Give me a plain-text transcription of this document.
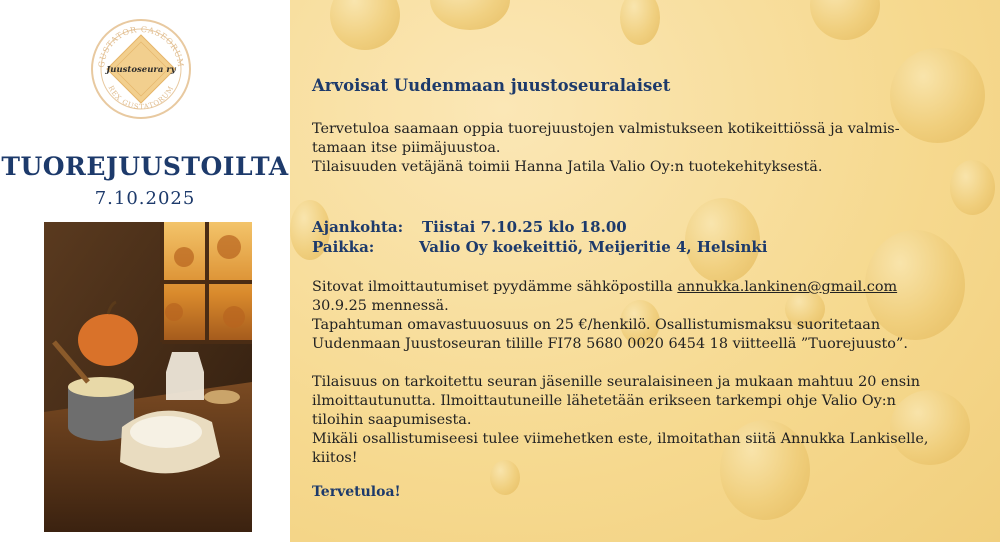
GUSTATOR CASEORUM
REX GUSTATORUM
Juustoseura ry
TUOREJUUSTOILTA
7.10.2025
Arvoisat Uudenmaan juustoseuralaiset
Tervetuloa saamaan oppia tuorejuustojen valmistukseen kotikeittiössä ja valmis-
tamaan itse piimäjuustoa.
Tilaisuuden vetäjänä toimii Hanna Jatila Valio Oy:n tuotekehityksestä.
Ajankohta: Tiistai 7.10.25 klo 18.00
Paikka:	Valio Oy koekeittiö, Meijeritie 4, Helsinki
Sitovat ilmoittautumiset pyydämme sähköpostilla annukka.lankinen@gmail.com
30.9.25 mennessä.
Tapahtuman omavastuuosuus on 25 €/henkilö. Osallistumismaksu suoritetaan
Uudenmaan Juustoseuran tilille FI78 5680 0020 6454 18 viitteellä ”Tuorejuusto”.
Tilaisuus on tarkoitettu seuran jäsenille seuralaisineen ja mukaan mahtuu 20 ensin
ilmoittautunutta. Ilmoittautuneille lähetetään erikseen tarkempi ohje Valio Oy:n
tiloihin saapumisesta.
Mikäli osallistumiseesi tulee viimehetken este, ilmoitathan siitä Annukka Lankiselle,
kiitos!
Tervetuloa!
